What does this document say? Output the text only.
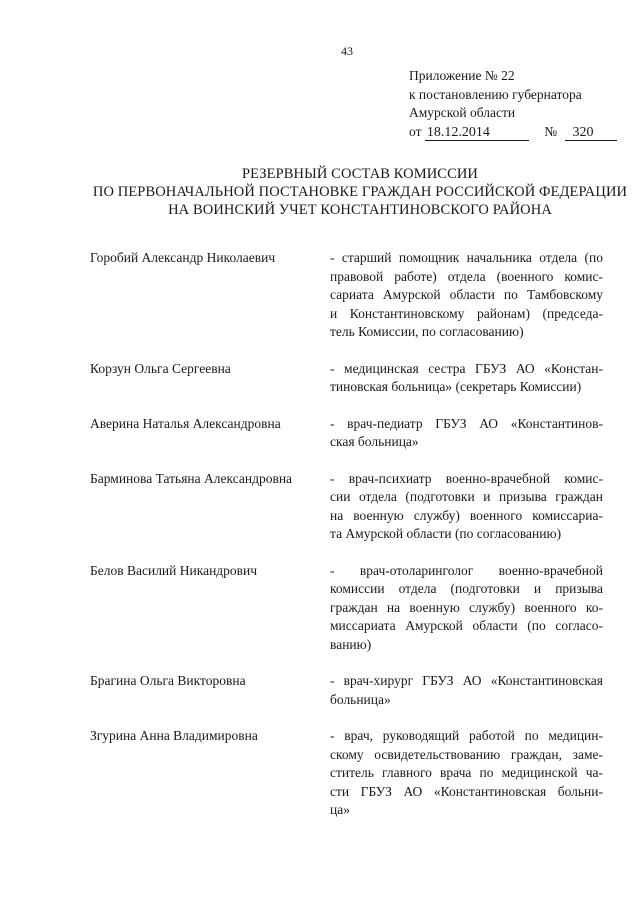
43
Приложение № 22
к постановлению губернатора
Амурской области
от 18.12.2014	№ 320
РЕЗЕРВНЫЙ СОСТАВ КОМИССИИ
ПО ПЕРВОНАЧАЛЬНОЙ ПОСТАНОВКЕ ГРАЖДАН РОССИЙСКОЙ ФЕДЕРАЦИИ
НА ВОИНСКИЙ УЧЕТ КОНСТАНТИНОВСКОГО РАЙОНА
Горобий Александр Николаевич	- старший помощник начальника отдела (по
правовой работе) отдела (военного комис-
сариата Амурской области по Тамбовскому
и Константиновскому районам) (председа-
тель Комиссии, по согласованию)
Корзун Ольга Сергеевна	- медицинская сестра ГБУЗ АО «Констан-
тиновская больница» (секретарь Комиссии)
Аверина Наталья Александровна	- врач-педиатр ГБУЗ АО «Константинов-
ская больница»
Барминова Татьяна Александровна	- врач-психиатр военно-врачебной комис-
сии отдела (подготовки и призыва граждан
на военную службу) военного комиссариа-
та Амурской области (по согласованию)
Белов Василий Никандрович	- врач-отоларинголог военно-врачебной
комиссии отдела (подготовки и призыва
граждан на военную службу) военного ко-
миссариата Амурской области (по согласо-
ванию)
Брагина Ольга Викторовна	- врач-хирург ГБУЗ АО «Константиновская
больница»
Згурина Анна Владимировна	- врач, руководящий работой по медицин-
скому освидетельствованию граждан, заме-
ститель главного врача по медицинской ча-
сти ГБУЗ АО «Константиновская больни-
ца»
